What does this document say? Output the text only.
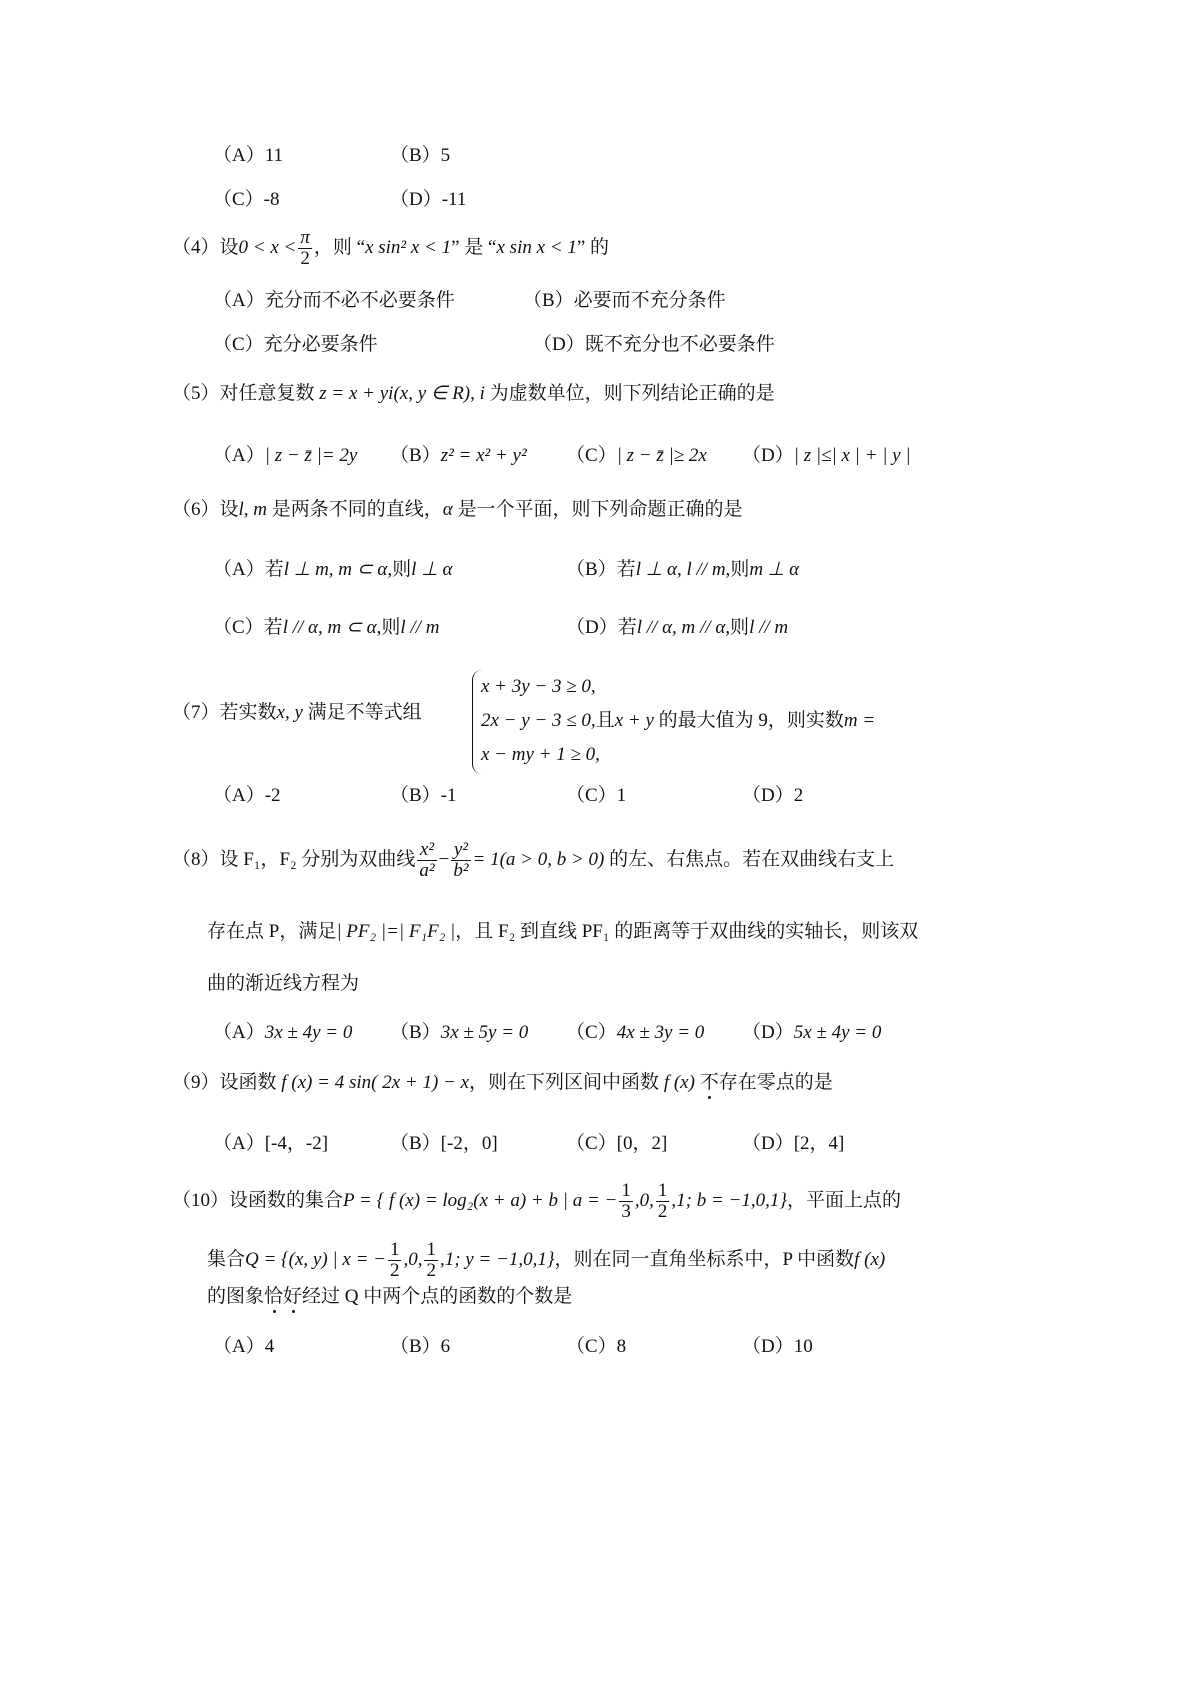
（A）11	（B）5
（C）-8	（D）-11
（4）设$0 < x < \frac{\pi}{2}$ ，则 “x sin² x < 1” 是 “x sin x < 1” 的
（A）充分而不必不必要条件	（B）必要而不充分条件
（C）充分必要条件	（D）既不充分也不必要条件
（5）对任意复数 z = x + yi(x, y ∈ R), i 为虚数单位，则下列结论正确的是
（A）| z − z̄ |= 2y （B）z² = x² + y² （C）| z − z̄ |≥ 2x （D）| z |≤| x | + | y |
（6）设l, m 是两条不同的直线，α 是一个平面，则下列命题正确的是
（A）若l ⊥ m, m ⊂ α,则l ⊥ α	（B）若l ⊥ α, l // m,则m ⊥ α
（C）若l // α, m ⊂ α,则l // m	（D）若l // α, m // α,则l // m
（7）若实数x, y 满足不等式组
x + 3y − 3 ≥ 0,
2x − y − 3 ≤ 0,且x + y 的最大值为 9，则实数m =
x − my + 1 ≥ 0,
（A）-2	（B）-1	（C）1	（D）2
（8）设 F₁，F₂ 分别为双曲线 $\frac{\text{x²}}{\text{a²}} - \frac{\text{y²}}{\text{b²}} = 1(a > 0$, b > 0) 的左、右焦点。若在双曲线右支上
存在点 P，满足| PF₂ |=| F₁F₂ |，且 F₂ 到直线 PF₁ 的距离等于双曲线的实轴长，则该双
曲的渐近线方程为
（A）3x ± 4y = 0 （B）3x ± 5y = 0 （C）4x ± 3y = 0 （D）5x ± 4y = 0
（9）设函数 f (x) = 4 sin( 2x + 1) − x，则在下列区间中函数 f (x) 不存在零点的是
（A）[-4，-2]	（B）[-2，0]	（C）[0，2]	（D）[2，4]
（10）设函数的集合P = { f (x) = log₂(x + a) + b | a = − $\frac{1}{3} ,0$, $\frac{1}{2} ,1$; b = −1,0,1}，平面上点的
集合Q = {(x, y) | x = − $\frac{1}{2} ,0$, $\frac{1}{2} ,1$; y = −1,0,1}，则在同一直角坐标系中，P 中函数f (x)
的图象恰好经过 Q 中两个点的函数的个数是
（A）4	（B）6	（C）8	（D）10
